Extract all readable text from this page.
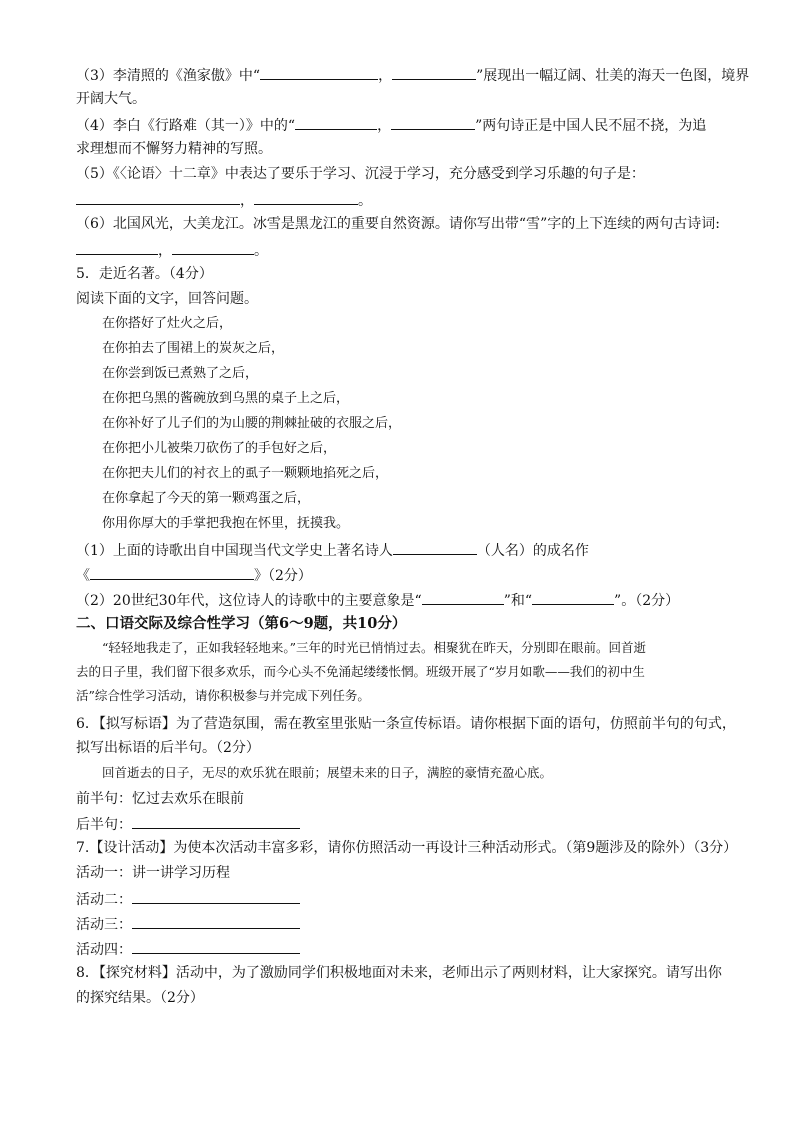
（3）李清照的《渔家傲》中“	，	”展现出一幅辽阔、壮美的海天一色图，境界
开阔大气。
（4）李白《行路难（其一）》中的“	，	”两句诗正是中国人民不屈不挠，为追
求理想而不懈努力精神的写照。
（5）《〈论语〉十二章》中表达了要乐于学习、沉浸于学习，充分感受到学习乐趣的句子是：
，	。
（6）北国风光，大美龙江。冰雪是黑龙江的重要自然资源。请你写出带“雪”字的上下连续的两句古诗词:
，	。
5．走近名著。（4分）
阅读下面的文字，回答问题。
在你搭好了灶火之后，
在你拍去了围裙上的炭灰之后，
在你尝到饭已煮熟了之后，
在你把乌黑的酱碗放到乌黑的桌子上之后，
在你补好了儿子们的为山腰的荆棘扯破的衣服之后，
在你把小儿被柴刀砍伤了的手包好之后，
在你把夫儿们的衬衣上的虱子一颗颗地掐死之后，
在你拿起了今天的第一颗鸡蛋之后，
你用你厚大的手掌把我抱在怀里，抚摸我。
（1）上面的诗歌出自中国现当代文学史上著名诗人	（人名）的成名作
《	》（2分）
（2）20世纪30年代，这位诗人的诗歌中的主要意象是“	”和“	”。（2分）
二、口语交际及综合性学习（第6～9题，共10分）
“轻轻地我走了，正如我轻轻地来。”三年的时光已悄悄过去。相聚犹在昨天，分别即在眼前。回首逝
去的日子里，我们留下很多欢乐，而今心头不免涌起缕缕怅惘。班级开展了“岁月如歌——我们的初中生
活”综合性学习活动，请你积极参与并完成下列任务。
6．【拟写标语】为了营造氛围，需在教室里张贴一条宣传标语。请你根据下面的语句，仿照前半句的句式，
拟写出标语的后半句。（2分）
回首逝去的日子，无尽的欢乐犹在眼前；展望未来的日子，满腔的豪情充盈心底。
前半句：忆过去欢乐在眼前
后半句：
7.【设计活动】为使本次活动丰富多彩，请你仿照活动一再设计三种活动形式。（第9题涉及的除外）（3分）
活动一：讲一讲学习历程
活动二：
活动三：
活动四：
8．【探究材料】活动中，为了激励同学们积极地面对未来，老师出示了两则材料，让大家探究。请写出你
的探究结果。（2分）
